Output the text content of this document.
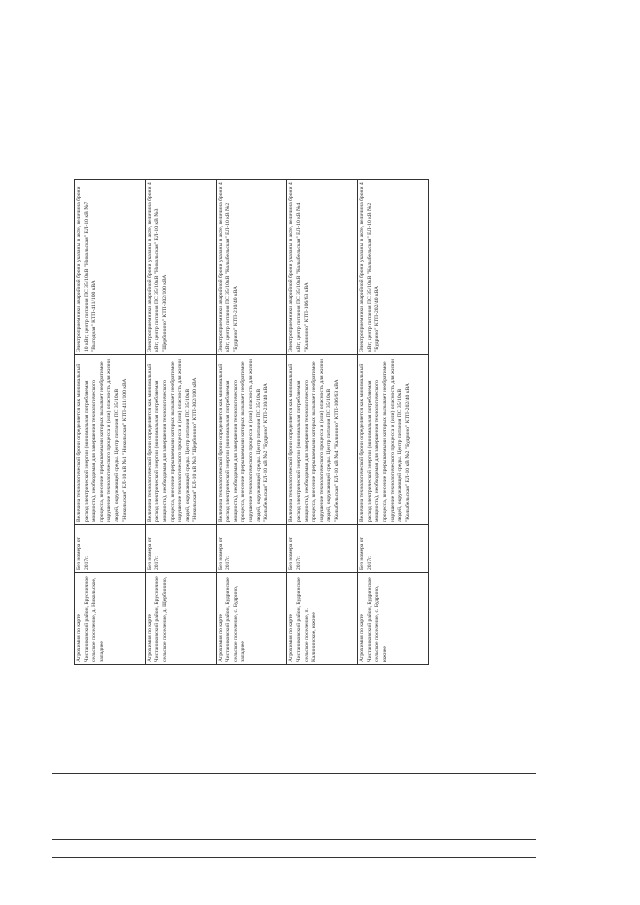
Агрохимия по карте Чистаниковский район, Брусничное сельское поселение, д. Никольское, западнее	Без номера от 2017г.	Величина технологической брони определяется как минимальный расход электрической энергии (минимальная потребляемая мощность), необходимая для завершения технологического процесса, внесение прерываемыми которых вызывает необратимое нарушение технологического процесса и (или) опасность для жизни людей, окружающей среды. Центр питания ПС 35/10кВ "Никольская" ЕЛ-10 кВ №1 "Никольская" КТП-411/100 кВА	Электроприемники аварийной брони указаны в акте, величина брони 10 кВт; центр питания ПС 35/10кВ "Никольская" ЕЛ-10 кВ №7 "Выгодная" КТП-411/100 кВА
Агрохимия по карте Чистаниковский район, Брусничное сельское поселение, д. Щербинино,	Без номера от 2017г.	Величина технологической брони определяется как минимальный расход электрической энергии (минимальная потребляемая мощность), необходимая для завершения технологического процесса, внесение прерываемыми которых вызывает необратимое нарушение технологического процесса и (или) опасность для жизни людей, окружающей среды. Центр питания ПС 35/10кВ "Никольская" ЕЛ-10 кВ №3 "Щербинино" КТП-302/100 кВА	Электроприемники аварийной брони указаны в акте, величина брони 4 кВт; центр питания ПС 35/10кВ "Никольская" ЕЛ-10 кВ №3 "Щербинино" КТП-302/100 кВА
Агрохимия по карте Чистаниковский район, Будринское сельское поселение, с. Будрино, западнее	Без номера от 2017г.	Величина технологической брони определяется как минимальный расход электрической энергии (минимальная потребляемая мощность), необходимая для завершения технологического процесса, внесение прерываемыми которых вызывает необратимое нарушение технологического процесса и (или) опасность для жизни людей, окружающей среды. Центр питания ПС 35/10кВ "Колыбельская" ЕЛ-10 кВ №2 "Будрино" КТП-210/40 кВА	Электроприемники аварийной брони указаны в акте, величина брони 4 кВт; центр питания ПС 35/10кВ "Колыбельская" ЕЛ-10 кВ №2 "Будрино" КТП-210/40 кВА
Агрохимия по карте Чистаниковский район, Будринское сельское поселение, п. Калининское, южнее	Без номера от 2017г.	Величина технологической брони определяется как минимальный расход электрической энергии (минимальная потребляемая мощность), необходимая для завершения технологического процесса, внесение прерываемыми которых вызывает необратимое нарушение технологического процесса и (или) опасность для жизни людей, окружающей среды. Центр питания ПС 35/10кВ "Колыбельская" ЕЛ-10 кВ №4 "Калинино" КТП-106/63 кВА	Электроприемники аварийной брони указаны в акте, величина брони 4 кВт; центр питания ПС 35/10кВ "Колыбельская" ЕЛ-10 кВ №4 "Калинино" КТП-106/63 кВА
Агрохимия по карте Чистаниковский район, Будринское сельское поселение, с. Будрино, южнее	Без номера от 2017г.	Величина технологической брони определяется как минимальный расход электрической энергии (минимальная потребляемая мощность), необходимая для завершения технологического процесса, внесение прерываемыми которых вызывает необратимое нарушение технологического процесса и (или) опасность для жизни людей, окружающей среды. Центр питания ПС 35/10кВ "Колыбельская" ЕЛ-10 кВ №2 "Будрино" КТП-202/40 кВА	Электроприемники аварийной брони указаны в акте, величина брони 4 кВт; центр питания ПС 35/10кВ "Колыбельская" ЕЛ-10 кВ №2 "Будрино" КТП-202/40 кВА
